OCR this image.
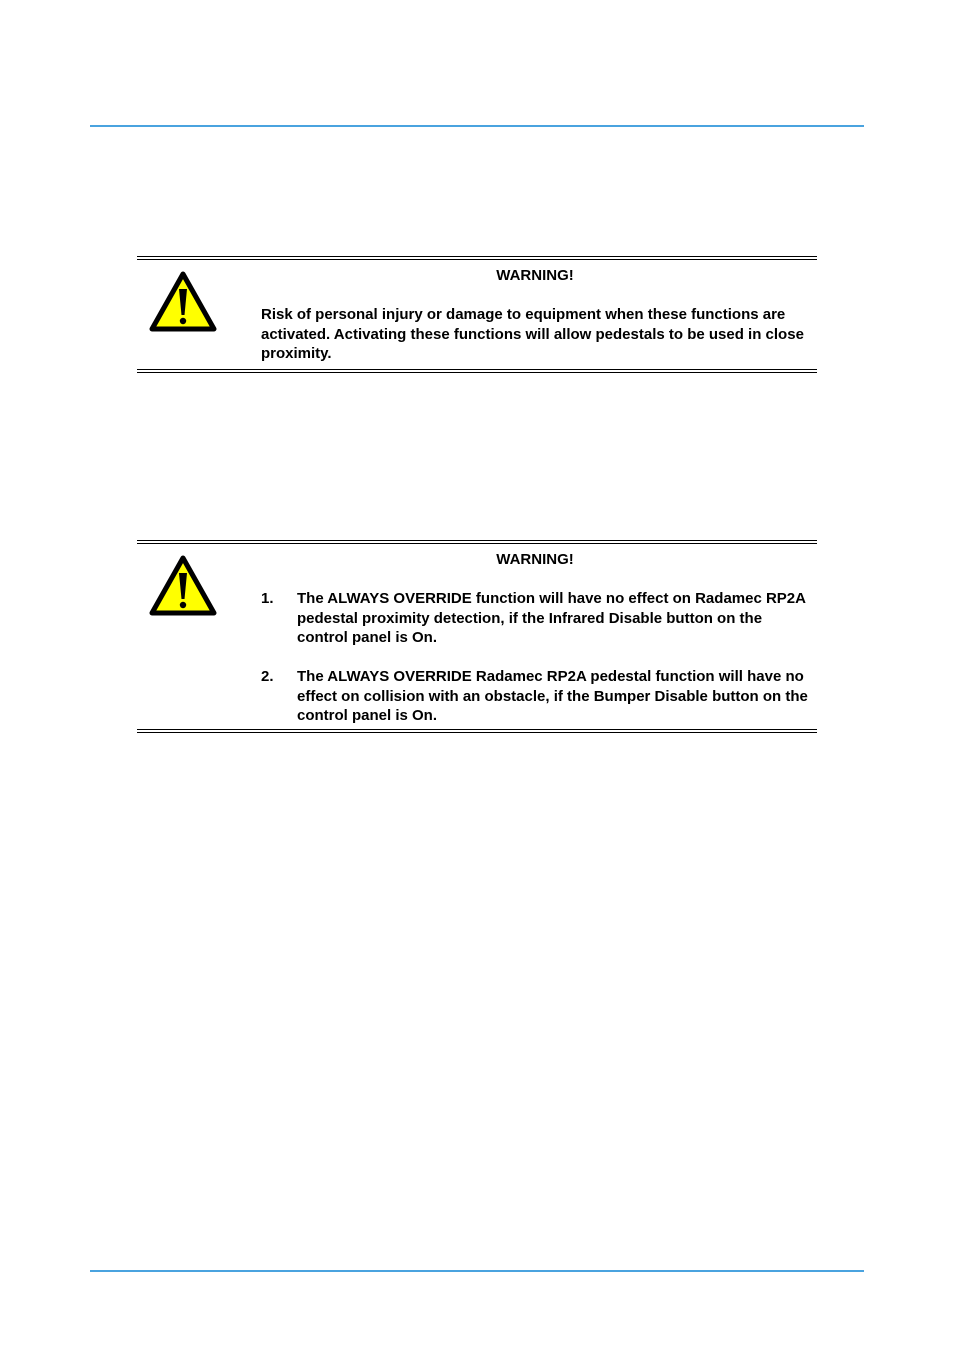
WARNING!
Risk of personal injury or damage to equipment when these functions are activated. Activating these functions will allow pedestals to be used in close proximity.
WARNING!
1.	The ALWAYS OVERRIDE function will have no effect on Radamec RP2A pedestal proximity detection, if the Infrared Disable button on the control panel is On.
2.	The ALWAYS OVERRIDE Radamec RP2A pedestal function will have no effect on collision with an obstacle, if the Bumper Disable button on the control panel is On.
